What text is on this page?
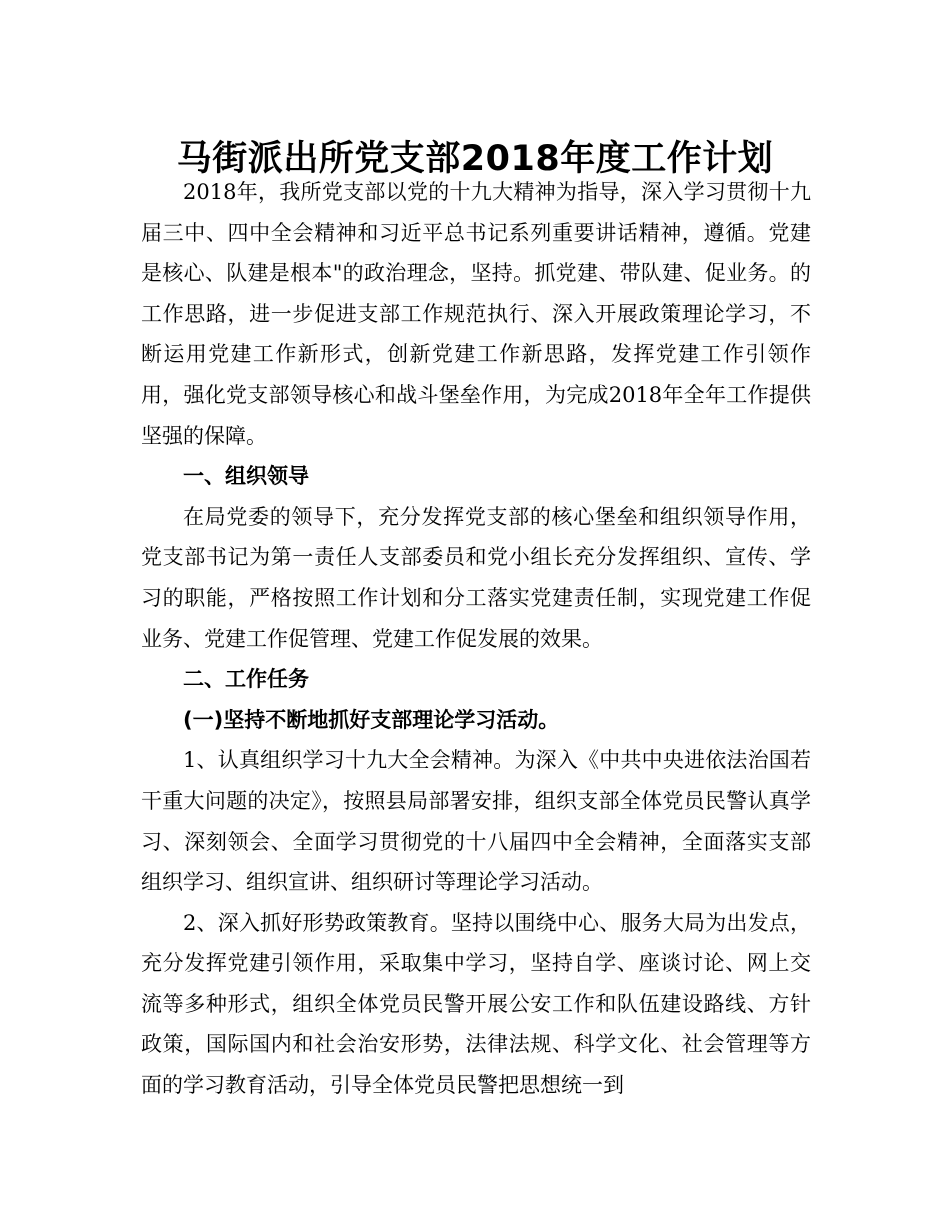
马街派出所党支部2018年度工作计划

2018年，我所党支部以党的十九大精神为指导，深入学习贯彻十九届三中、四中全会精神和习近平总书记系列重要讲话精神，遵循。党建是核心、队建是根本"的政治理念，坚持。抓党建、带队建、促业务。的工作思路，进一步促进支部工作规范执行、深入开展政策理论学习，不断运用党建工作新形式，创新党建工作新思路，发挥党建工作引领作用，强化党支部领导核心和战斗堡垒作用，为完成2018年全年工作提供坚强的保障。

一、组织领导

在局党委的领导下，充分发挥党支部的核心堡垒和组织领导作用，党支部书记为第一责任人支部委员和党小组长充分发挥组织、宣传、学习的职能，严格按照工作计划和分工落实党建责任制，实现党建工作促业务、党建工作促管理、党建工作促发展的效果。

二、工作任务

(一)坚持不断地抓好支部理论学习活动。

1、认真组织学习十九大全会精神。为深入《中共中央进依法治国若干重大问题的决定》，按照县局部署安排，组织支部全体党员民警认真学习、深刻领会、全面学习贯彻党的十八届四中全会精神，全面落实支部组织学习、组织宣讲、组织研讨等理论学习活动。

2、深入抓好形势政策教育。坚持以围绕中心、服务大局为出发点，充分发挥党建引领作用，采取集中学习，坚持自学、座谈讨论、网上交流等多种形式，组织全体党员民警开展公安工作和队伍建设路线、方针政策，国际国内和社会治安形势，法律法规、科学文化、社会管理等方面的学习教育活动，引导全体党员民警把思想统一到
